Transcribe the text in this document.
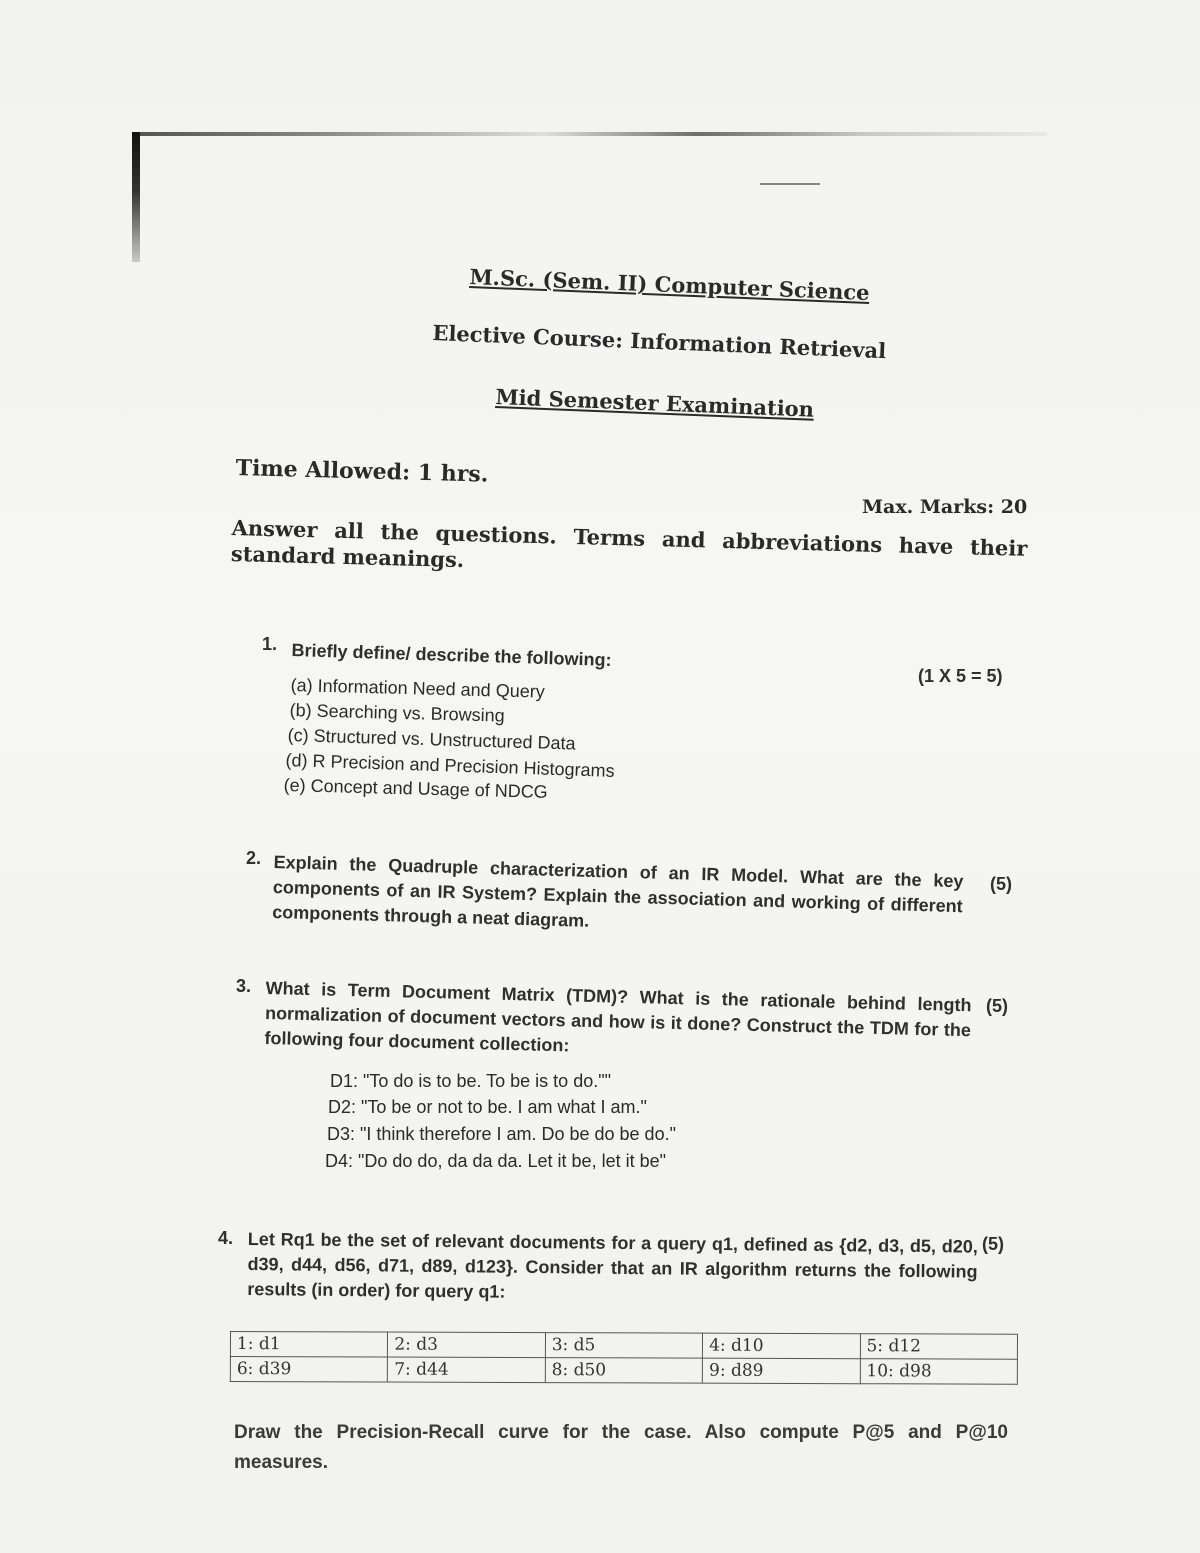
M.Sc. (Sem. II) Computer Science
Elective Course: Information Retrieval
Mid Semester Examination
Time Allowed: 1 hrs.
Max. Marks: 20
Answer all the questions. Terms and abbreviations have their standard meanings.
1. Briefly define/ describe the following:
(1 X 5 = 5)
(a) Information Need and Query
(b) Searching vs. Browsing
(c) Structured vs. Unstructured Data
(d) R Precision and Precision Histograms
(e) Concept and Usage of NDCG
2. Explain the Quadruple characterization of an IR Model. What are the key components of an IR System? Explain the association and working of different components through a neat diagram.
(5)
3. What is Term Document Matrix (TDM)? What is the rationale behind length normalization of document vectors and how is it done? Construct the TDM for the following four document collection:
(5)
D1: "To do is to be. To be is to do.""
D2: "To be or not to be. I am what I am."
D3: "I think therefore I am. Do be do be do."
D4: "Do do do, da da da. Let it be, let it be"
4. Let Rq1 be the set of relevant documents for a query q1, defined as {d2, d3, d5, d20, d39, d44, d56, d71, d89, d123}. Consider that an IR algorithm returns the following results (in order) for query q1:
(5)
1: d1	2: d3	3: d5	4: d10	5: d12
6: d39	7: d44	8: d50	9: d89	10: d98
Draw the Precision-Recall curve for the case. Also compute P@5 and P@10 measures.
